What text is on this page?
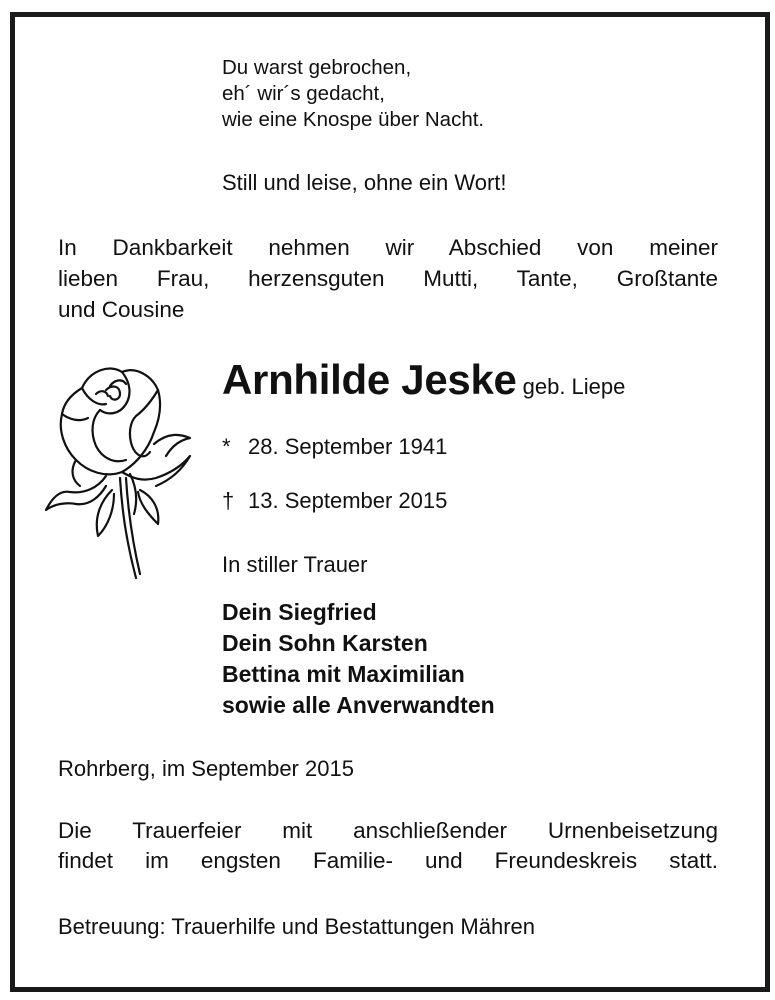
Du warst gebrochen,
eh´ wir´s gedacht,
wie eine Knospe über Nacht.
Still und leise, ohne ein Wort!
In Dankbarkeit nehmen wir Abschied von meiner
lieben Frau, herzensguten Mutti, Tante, Großtante
und Cousine
Arnhilde Jeske geb. Liepe
* 28. September 1941
† 13. September 2015
In stiller Trauer
Dein Siegfried
Dein Sohn Karsten
Bettina mit Maximilian
sowie alle Anverwandten
Rohrberg, im September 2015
Die Trauerfeier mit anschließender Urnenbeisetzung
findet im engsten Familie- und Freundeskreis statt.
Betreuung: Trauerhilfe und Bestattungen Mähren
